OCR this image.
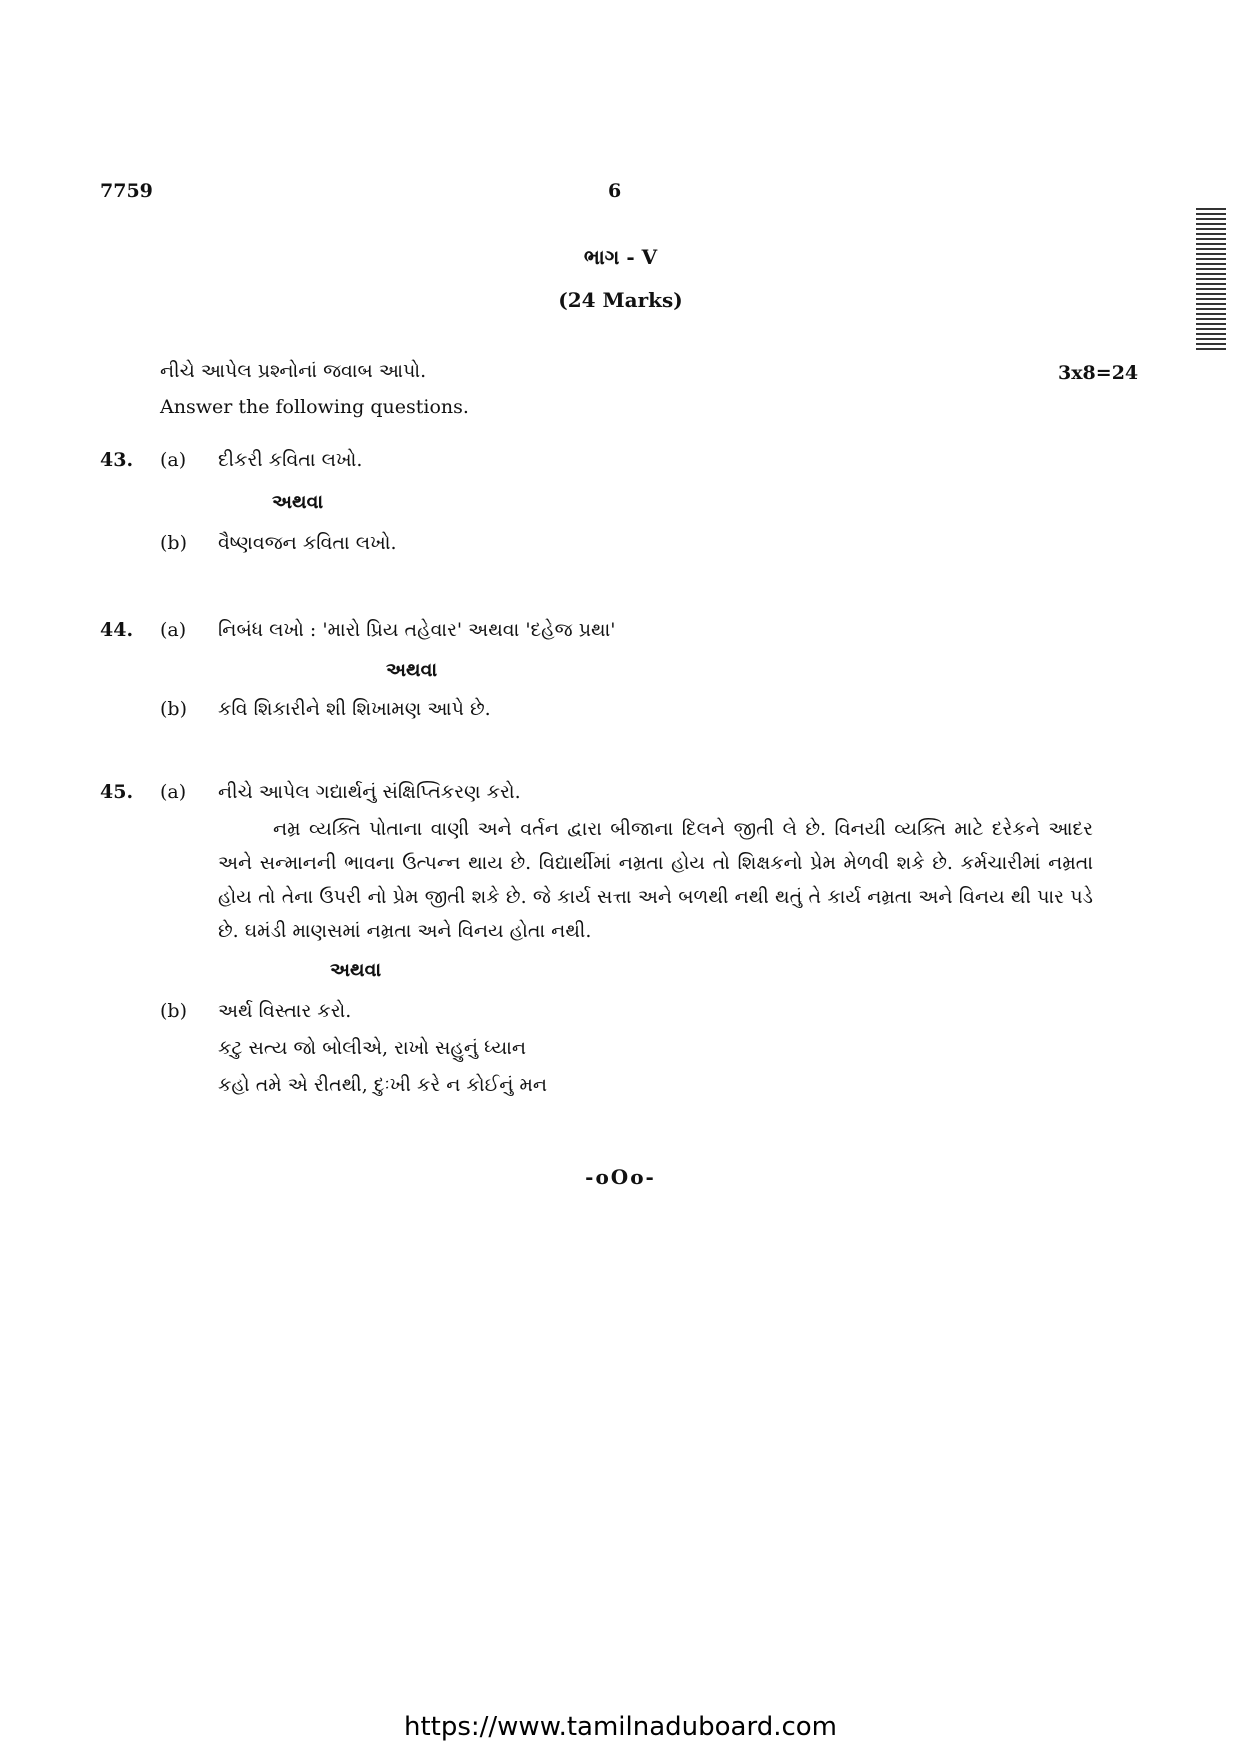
7759	6
ભાગ - V
(24 Marks)
નીચે આપેલ પ્રશ્નોનાં જવાબ આપો.	3x8=24
Answer the following questions.
43. (a) દીકરી કવિતા લખો.
અથવા
(b) વૈષ્ણવજન કવિતા લખો.
44. (a) નિબંધ લખો : 'મારો પ્રિય તહેવાર' અથવા 'દહેજ પ્રથા'
અથવા
(b) કવિ શિકારીને શી શિખામણ આપે છે.
45. (a) નીચે આપેલ ગદ્યાર્થનું સંક્ષિપ્તિકરણ કરો.
નમ્ર વ્યક્તિ પોતાના વાણી અને વર્તન દ્વારા બીજાના દિલને જીતી લે છે. વિનયી વ્યક્તિ માટે દરેકને આદર અને સન્માનની ભાવના ઉત્પન્ન થાય છે. વિદ્યાર્થીમાં નમ્રતા હોય તો શિક્ષકનો પ્રેમ મેળવી શકે છે. કર્મચારીમાં નમ્રતા હોય તો તેના ઉપરી નો પ્રેમ જીતી શકે છે. જે કાર્ય સત્તા અને બળથી નથી થતું તે કાર્ય નમ્રતા અને વિનય થી પાર પડે છે. ઘમંડી માણસમાં નમ્રતા અને વિનય હોતા નથી.
અથવા
(b) અર્થ વિસ્તાર કરો.
કટુ સત્ય જો બોલીએ, રાખો સહુનું ધ્યાન
કહો તમે એ રીતથી, દુઃખી કરે ન કોઈનું મન
-oOo-
https://www.tamilnaduboard.com
